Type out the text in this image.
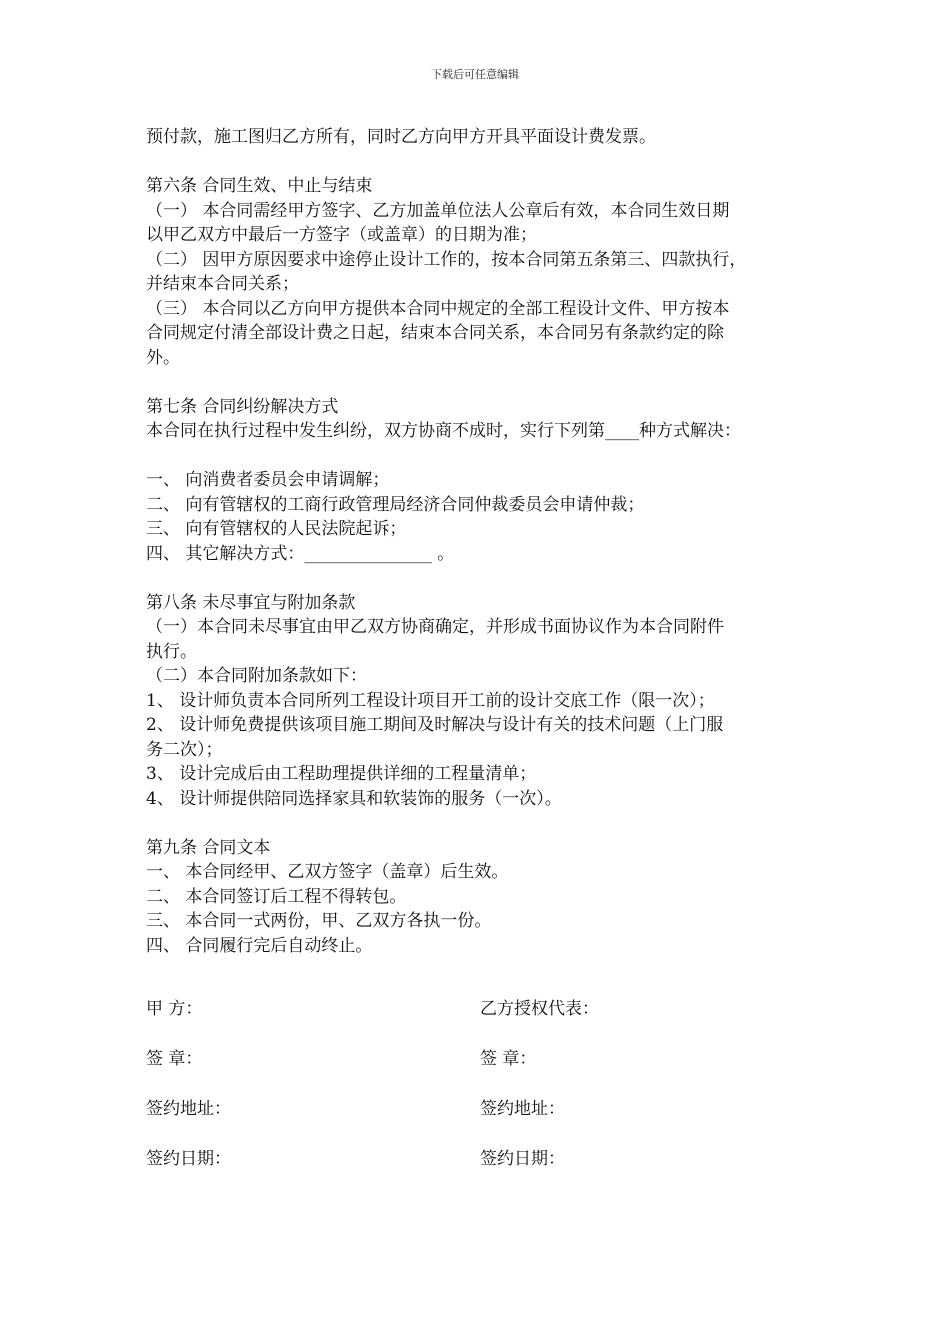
下载后可任意编辑

预付款，施工图归乙方所有，同时乙方向甲方开具平面设计费发票。

第六条 合同生效、中止与结束

（一） 本合同需经甲方签字、乙方加盖单位法人公章后有效，本合同生效日期

以甲乙双方中最后一方签字（或盖章）的日期为准；

（二） 因甲方原因要求中途停止设计工作的，按本合同第五条第三、四款执行，

并结束本合同关系；

（三） 本合同以乙方向甲方提供本合同中规定的全部工程设计文件、甲方按本

合同规定付清全部设计费之日起，结束本合同关系，本合同另有条款约定的除

外。

第七条 合同纠纷解决方式

本合同在执行过程中发生纠纷，双方协商不成时，实行下列第____种方式解决：

一、 向消费者委员会申请调解；

二、 向有管辖权的工商行政管理局经济合同仲裁委员会申请仲裁；

三、 向有管辖权的人民法院起诉；

四、 其它解决方式：_______________ 。

第八条 未尽事宜与附加条款

（一）本合同未尽事宜由甲乙双方协商确定，并形成书面协议作为本合同附件

执行。

（二）本合同附加条款如下：

1、 设计师负责本合同所列工程设计项目开工前的设计交底工作（限一次）；

2、 设计师免费提供该项目施工期间及时解决与设计有关的技术问题（上门服

务二次）；

3、 设计完成后由工程助理提供详细的工程量清单；

4、 设计师提供陪同选择家具和软装饰的服务（一次）。

第九条 合同文本

一、 本合同经甲、乙双方签字（盖章）后生效。

二、 本合同签订后工程不得转包。

三、 本合同一式两份，甲、乙双方各执一份。

四、 合同履行完后自动终止。

甲 方：	乙方授权代表：
签 章：	签 章：
签约地址：	签约地址：
签约日期：	签约日期：
